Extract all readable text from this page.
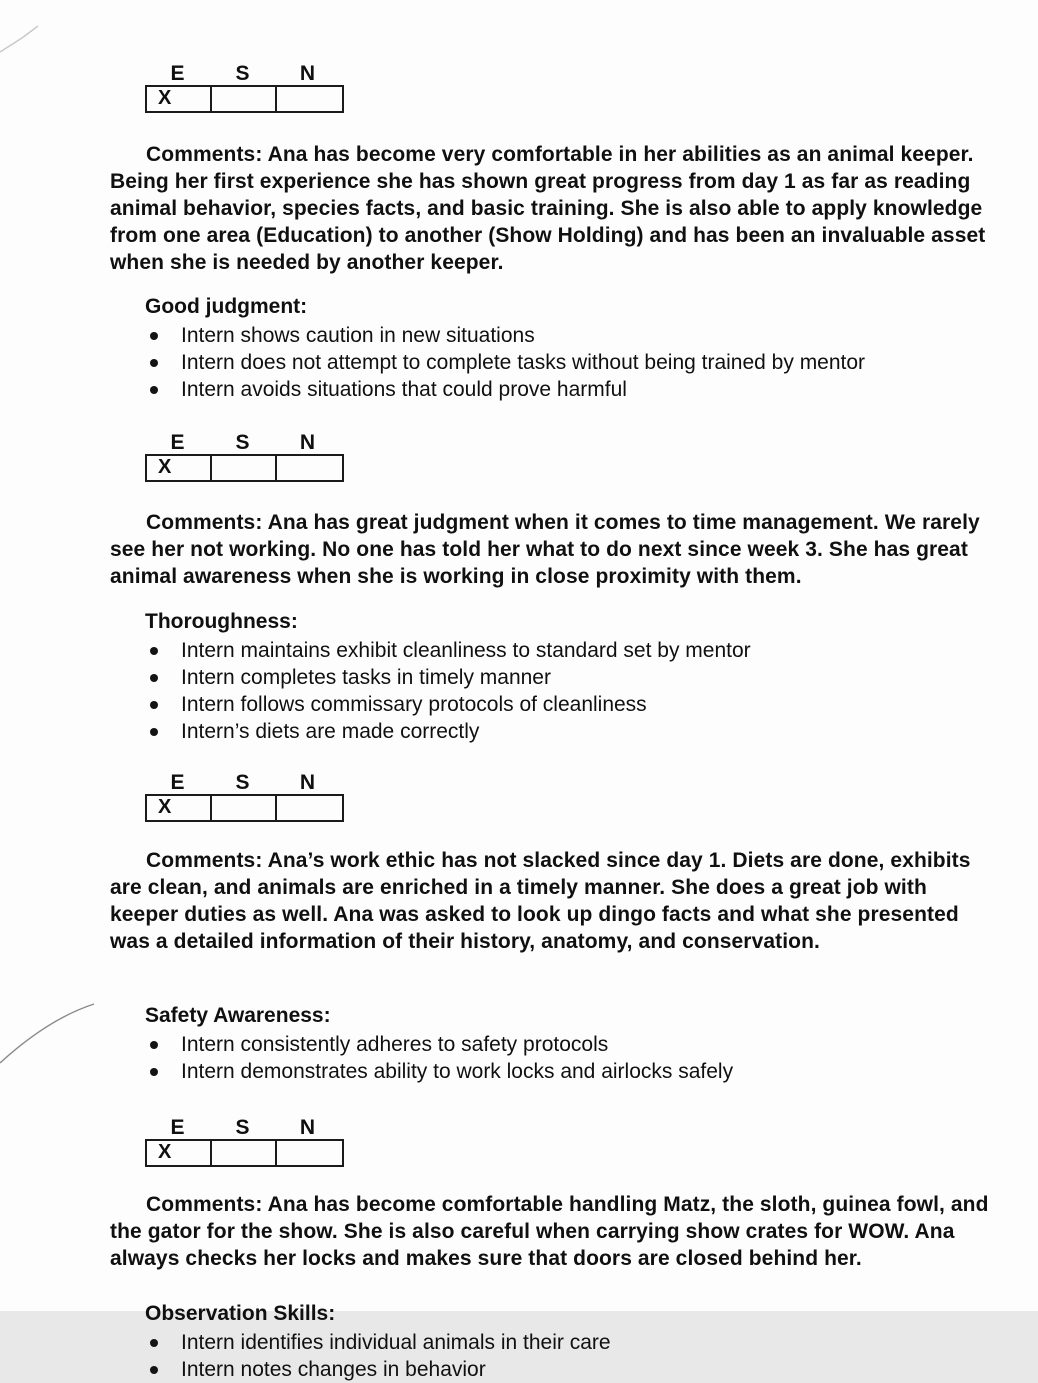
E	S	N
X

Comments: Ana has become very comfortable in her abilities as an animal keeper. Being her first experience she has shown great progress from day 1 as far as reading animal behavior, species facts, and basic training. She is also able to apply knowledge from one area (Education) to another (Show Holding) and has been an invaluable asset when she is needed by another keeper.

Good judgment:
Intern shows caution in new situations
Intern does not attempt to complete tasks without being trained by mentor
Intern avoids situations that could prove harmful
E	S	N
X

Comments: Ana has great judgment when it comes to time management. We rarely see her not working. No one has told her what to do next since week 3. She has great animal awareness when she is working in close proximity with them.

Thoroughness:
Intern maintains exhibit cleanliness to standard set by mentor
Intern completes tasks in timely manner
Intern follows commissary protocols of cleanliness
Intern’s diets are made correctly
E	S	N
X

Comments: Ana’s work ethic has not slacked since day 1. Diets are done, exhibits are clean, and animals are enriched in a timely manner. She does a great job with keeper duties as well. Ana was asked to look up dingo facts and what she presented was a detailed information of their history, anatomy, and conservation.

Safety Awareness:
Intern consistently adheres to safety protocols
Intern demonstrates ability to work locks and airlocks safely
E	S	N
X

Comments: Ana has become comfortable handling Matz, the sloth, guinea fowl, and the gator for the show. She is also careful when carrying show crates for WOW. Ana always checks her locks and makes sure that doors are closed behind her.

Observation Skills:
Intern identifies individual animals in their care
Intern notes changes in behavior
